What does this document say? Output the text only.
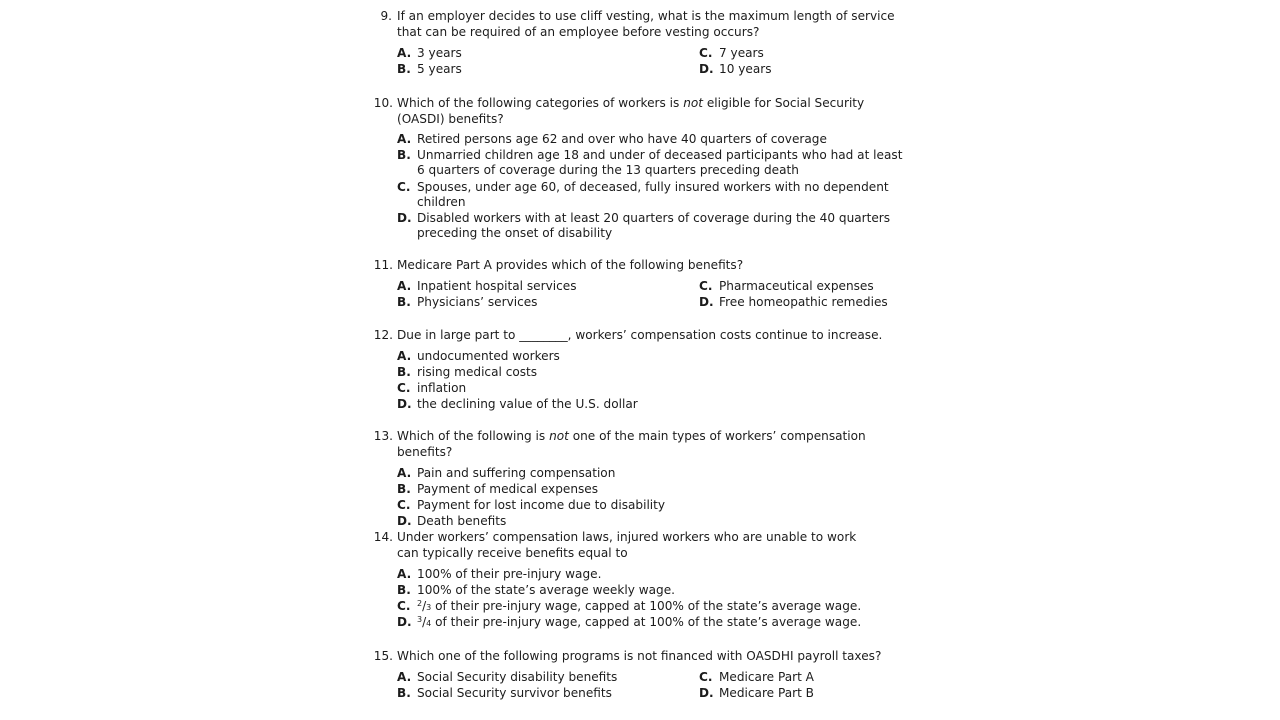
9. If an employer decides to use cliff vesting, what is the maximum length of service that can be required of an employee before vesting occurs?
A. 3 years
B. 5 years
C. 7 years
D. 10 years
10. Which of the following categories of workers is not eligible for Social Security (OASDI) benefits?
A. Retired persons age 62 and over who have 40 quarters of coverage
B. Unmarried children age 18 and under of deceased participants who had at least 6 quarters of coverage during the 13 quarters preceding death
C. Spouses, under age 60, of deceased, fully insured workers with no dependent children
D. Disabled workers with at least 20 quarters of coverage during the 40 quarters preceding the onset of disability
11. Medicare Part A provides which of the following benefits?
A. Inpatient hospital services
B. Physicians’ services
C. Pharmaceutical expenses
D. Free homeopathic remedies
12. Due in large part to ________, workers’ compensation costs continue to increase.
A. undocumented workers
B. rising medical costs
C. inflation
D. the declining value of the U.S. dollar
13. Which of the following is not one of the main types of workers’ compensation benefits?
A. Pain and suffering compensation
B. Payment of medical expenses
C. Payment for lost income due to disability
D. Death benefits
14. Under workers’ compensation laws, injured workers who are unable to work can typically receive benefits equal to
A. 100% of their pre-injury wage.
B. 100% of the state’s average weekly wage.
C. $^2$/3 of their pre-injury wage, capped at 100% of the state’s average wage.
D. $^3$/4 of their pre-injury wage, capped at 100% of the state’s average wage.
15. Which one of the following programs is not financed with OASDHI payroll taxes?
A. Social Security disability benefits
B. Social Security survivor benefits
C. Medicare Part A
D. Medicare Part B
